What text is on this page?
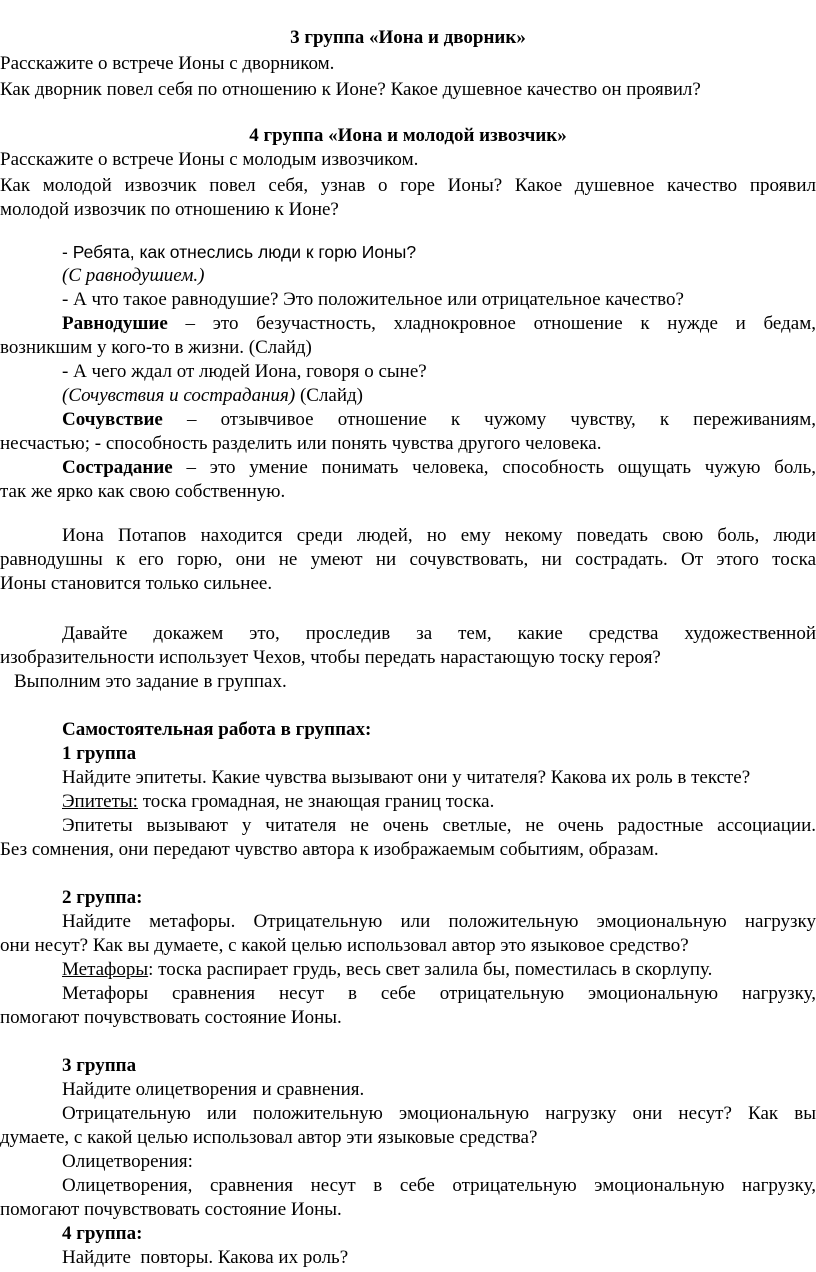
3 группа «Иона и дворник»
Расскажите о встрече Ионы с дворником.
Как дворник повел себя по отношению к Ионе? Какое душевное качество он проявил?
4 группа «Иона и молодой извозчик»
Расскажите о встрече Ионы с молодым извозчиком.
Как молодой извозчик повел себя, узнав о горе Ионы? Какое душевное качество проявил
молодой извозчик по отношению к Ионе?
- Ребята, как отнеслись люди к горю Ионы?
(С равнодушием.)
- А что такое равнодушие? Это положительное или отрицательное качество?
Равнодушие – это безучастность, хладнокровное отношение к нужде и бедам,
возникшим у кого-то в жизни. (Слайд)
- А чего ждал от людей Иона, говоря о сыне?
(Сочувствия и сострадания) (Слайд)
Сочувствие – отзывчивое отношение к чужому чувству, к переживаниям,
несчастью; - способность разделить или понять чувства другого человека.
Сострадание – это умение понимать человека, способность ощущать чужую боль,
так же ярко как свою собственную.
Иона Потапов находится среди людей, но ему некому поведать свою боль, люди
равнодушны к его горю, они не умеют ни сочувствовать, ни сострадать. От этого тоска
Ионы становится только сильнее.
Давайте докажем это, проследив за тем, какие средства художественной
изобразительности использует Чехов, чтобы передать нарастающую тоску героя?
Выполним это задание в группах.
Самостоятельная работа в группах:
1 группа
Найдите эпитеты. Какие чувства вызывают они у читателя? Какова их роль в тексте?
Эпитеты: тоска громадная, не знающая границ тоска.
Эпитеты вызывают у читателя не очень светлые, не очень радостные ассоциации.
Без сомнения, они передают чувство автора к изображаемым событиям, образам.
2 группа:
Найдите метафоры. Отрицательную или положительную эмоциональную нагрузку
они несут? Как вы думаете, с какой целью использовал автор это языковое средство?
Метафоры: тоска распирает грудь, весь свет залила бы, поместилась в скорлупу.
Метафоры сравнения несут в себе отрицательную эмоциональную нагрузку,
помогают почувствовать состояние Ионы.
3 группа
Найдите олицетворения и сравнения.
Отрицательную или положительную эмоциональную нагрузку они несут? Как вы
думаете, с какой целью использовал автор эти языковые средства?
Олицетворения:
Олицетворения, сравнения несут в себе отрицательную эмоциональную нагрузку,
помогают почувствовать состояние Ионы.
4 группа:
Найдите  повторы. Какова их роль?
